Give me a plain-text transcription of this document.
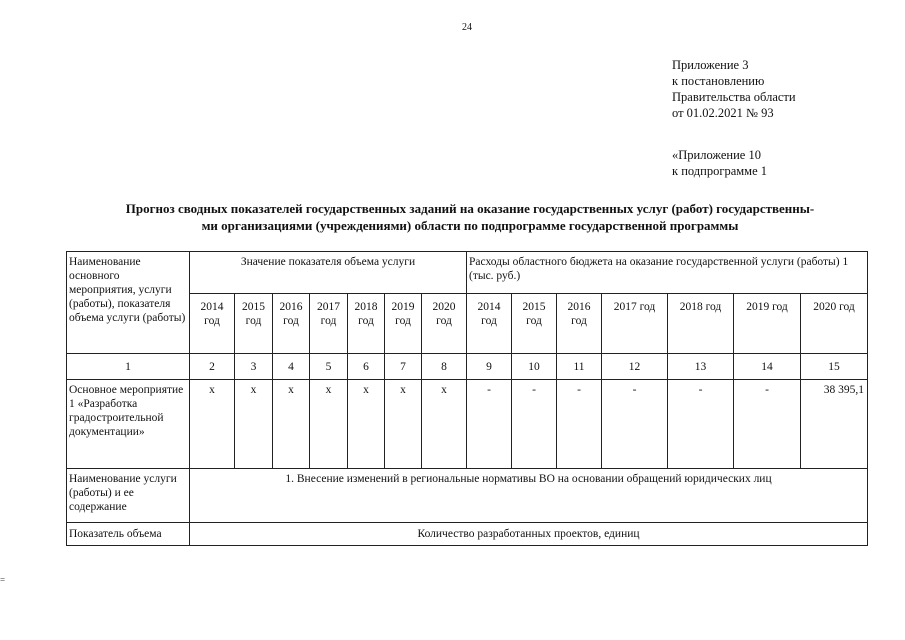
24
Приложение 3
к постановлению
Правительства области
от 01.02.2021 № 93
«Приложение 10
к подпрограмме 1
Прогноз сводных показателей государственных заданий на оказание государственных услуг (работ) государственны-
ми организациями (учреждениями) области по подпрограмме государственной программы
Наименование основного мероприятия, услуги (работы), показателя объема услуги (работы)	Значение показателя объема услуги							Расходы областного бюджета на оказание государственной услуги (работы) 1 (тыс. руб.)						
	2014 год	2015 год	2016 год	2017 год	2018 год	2019 год	2020 год	2014 год	2015 год	2016 год	2017 год	2018 год	2019 год	2020 год
1	2	3	4	5	6	7	8	9	10	11	12	13	14	15
Основное мероприятие 1 «Разработка градостроительной документации»	х	х	х	х	х	х	х	-	-	-	-	-	-	38 395,1
Наименование услуги (работы) и ее содержание	1. Внесение изменений в региональные нормативы ВО на основании обращений юридических лиц													
Показатель объема	Количество разработанных проектов, единиц													
=
